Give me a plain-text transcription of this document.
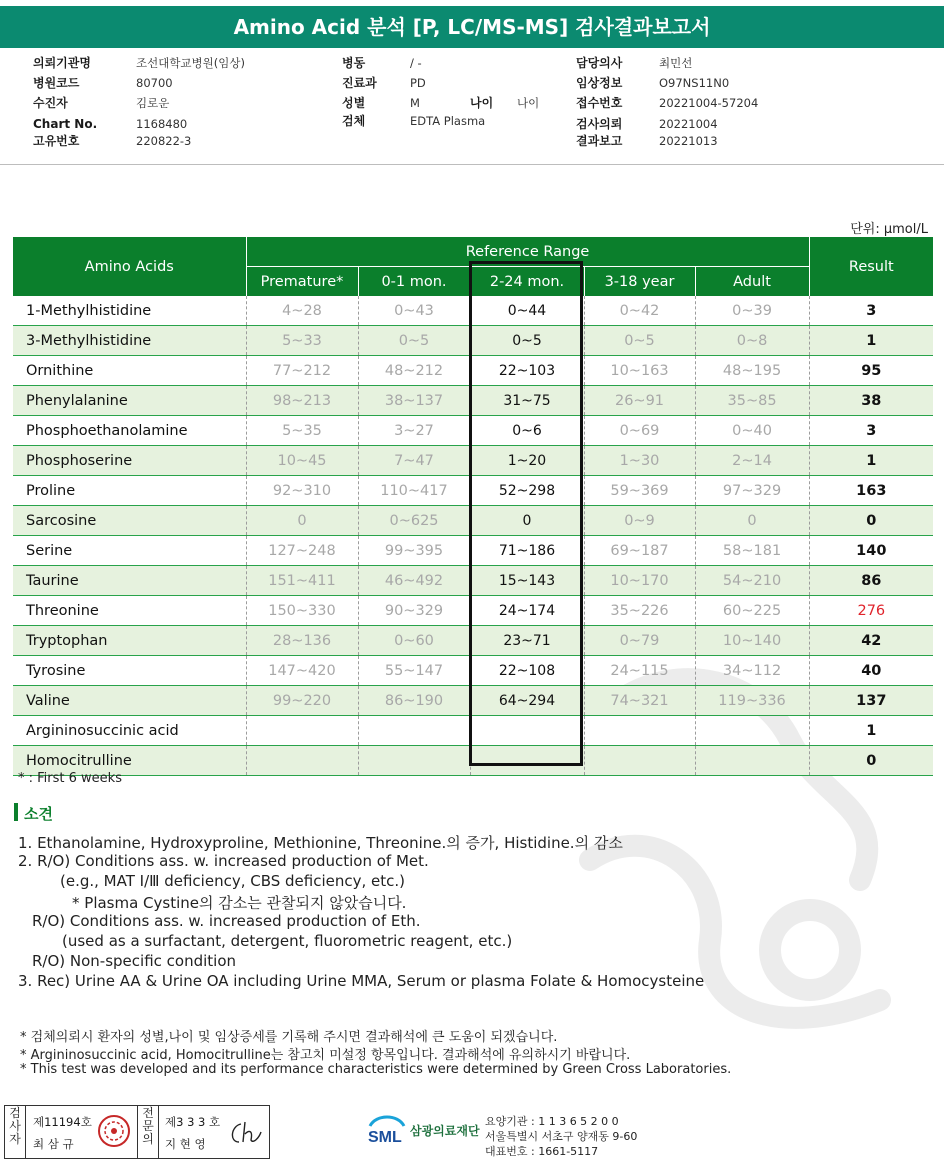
Amino Acid 분석 [P, LC/MS-MS] 검사결과보고서
의뢰기관명	조선대학교병원(임상)
병원코드	80700
수진자	김로운
Chart No.	1168480
고유번호	220822-3
병동	/ -
진료과	PD
성별	M
검체	EDTA Plasma
담당의사	최민선
임상정보	O97NS11N0
접수번호	20221004-57204
검사의뢰	20221004
결과보고	20221013
나이 나이
단위: μmol/L
Amino Acids	Reference Range					Result
	Premature*	0-1 mon.	2-24 mon.	3-18 year	Adult	
1-Methylhistidine	4~28	0~43	0~44	0~42	0~39	3
3-Methylhistidine	5~33	0~5	0~5	0~5	0~8	1
Ornithine	77~212	48~212	22~103	10~163	48~195	95
Phenylalanine	98~213	38~137	31~75	26~91	35~85	38
Phosphoethanolamine	5~35	3~27	0~6	0~69	0~40	3
Phosphoserine	10~45	7~47	1~20	1~30	2~14	1
Proline	92~310	110~417	52~298	59~369	97~329	163
Sarcosine	0	0~625	0	0~9	0	0
Serine	127~248	99~395	71~186	69~187	58~181	140
Taurine	151~411	46~492	15~143	10~170	54~210	86
Threonine	150~330	90~329	24~174	35~226	60~225	276
Tryptophan	28~136	0~60	23~71	0~79	10~140	42
Tyrosine	147~420	55~147	22~108	24~115	34~112	40
Valine	99~220	86~190	64~294	74~321	119~336	137
Argininosuccinic acid						1
Homocitrulline						0
* : First 6 weeks
소견
1. Ethanolamine, Hydroxyproline, Methionine, Threonine.의 증가, Histidine.의 감소
2. R/O) Conditions ass. w. increased production of Met.
(e.g., MAT Ⅰ/Ⅲ deficiency, CBS deficiency, etc.)
* Plasma Cystine의 감소는 관찰되지 않았습니다.
R/O) Conditions ass. w. increased production of Eth.
(used as a surfactant, detergent, fluorometric reagent, etc.)
R/O) Non-specific condition
3. Rec) Urine AA & Urine OA including Urine MMA, Serum or plasma Folate & Homocysteine
* 검체의뢰시 환자의 성별,나이 및 임상증세를 기록해 주시면 결과해석에 큰 도움이 되겠습니다.
* Argininosuccinic acid, Homocitrulline는 참고치 미설정 항목입니다. 결과해석에 유의하시기 바랍니다.
* This test was developed and its performance characteristics were determined by Green Cross Laboratories.
검사자
제11194호
최 삼 규
전문의
제3 3 3 호
지 현 영	SML 삼광의료재단
요양기관 : 1 1 3 6 5 2 0 0
서울특별시 서초구 양재동 9-60
대표번호 : 1661-5117
